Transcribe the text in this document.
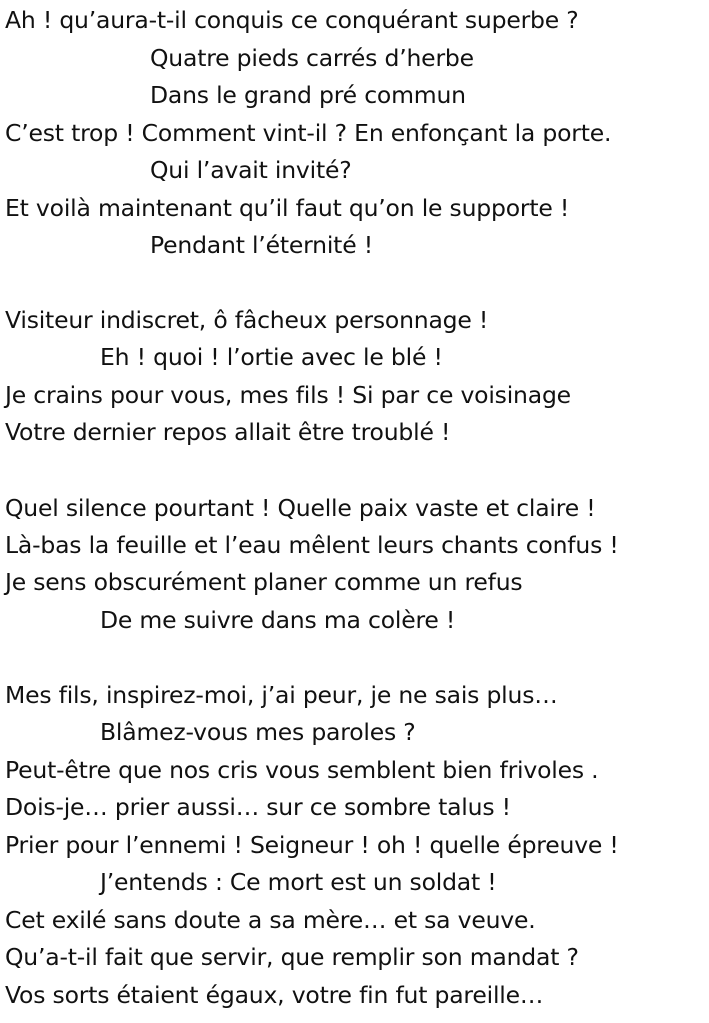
Ah ! qu’aura-t-il conquis ce conquérant superbe ?
Quatre pieds carrés d’herbe
Dans le grand pré commun
C’est trop ! Comment vint-il ? En enfonçant la porte.
Qui l’avait invité?
Et voilà maintenant qu’il faut qu’on le supporte !
Pendant l’éternité !
Visiteur indiscret, ô fâcheux personnage !
Eh ! quoi ! l’ortie avec le blé !
Je crains pour vous, mes fils ! Si par ce voisinage
Votre dernier repos allait être troublé !
Quel silence pourtant ! Quelle paix vaste et claire !
Là-bas la feuille et l’eau mêlent leurs chants confus !
Je sens obscurément planer comme un refus
De me suivre dans ma colère !
Mes fils, inspirez-moi, j’ai peur, je ne sais plus…
Blâmez-vous mes paroles ?
Peut-être que nos cris vous semblent bien frivoles .
Dois-je… prier aussi… sur ce sombre talus !
Prier pour l’ennemi ! Seigneur ! oh ! quelle épreuve !
J’entends : Ce mort est un soldat !
Cet exilé sans doute a sa mère… et sa veuve.
Qu’a-t-il fait que servir, que remplir son mandat ?
Vos sorts étaient égaux, votre fin fut pareille…
